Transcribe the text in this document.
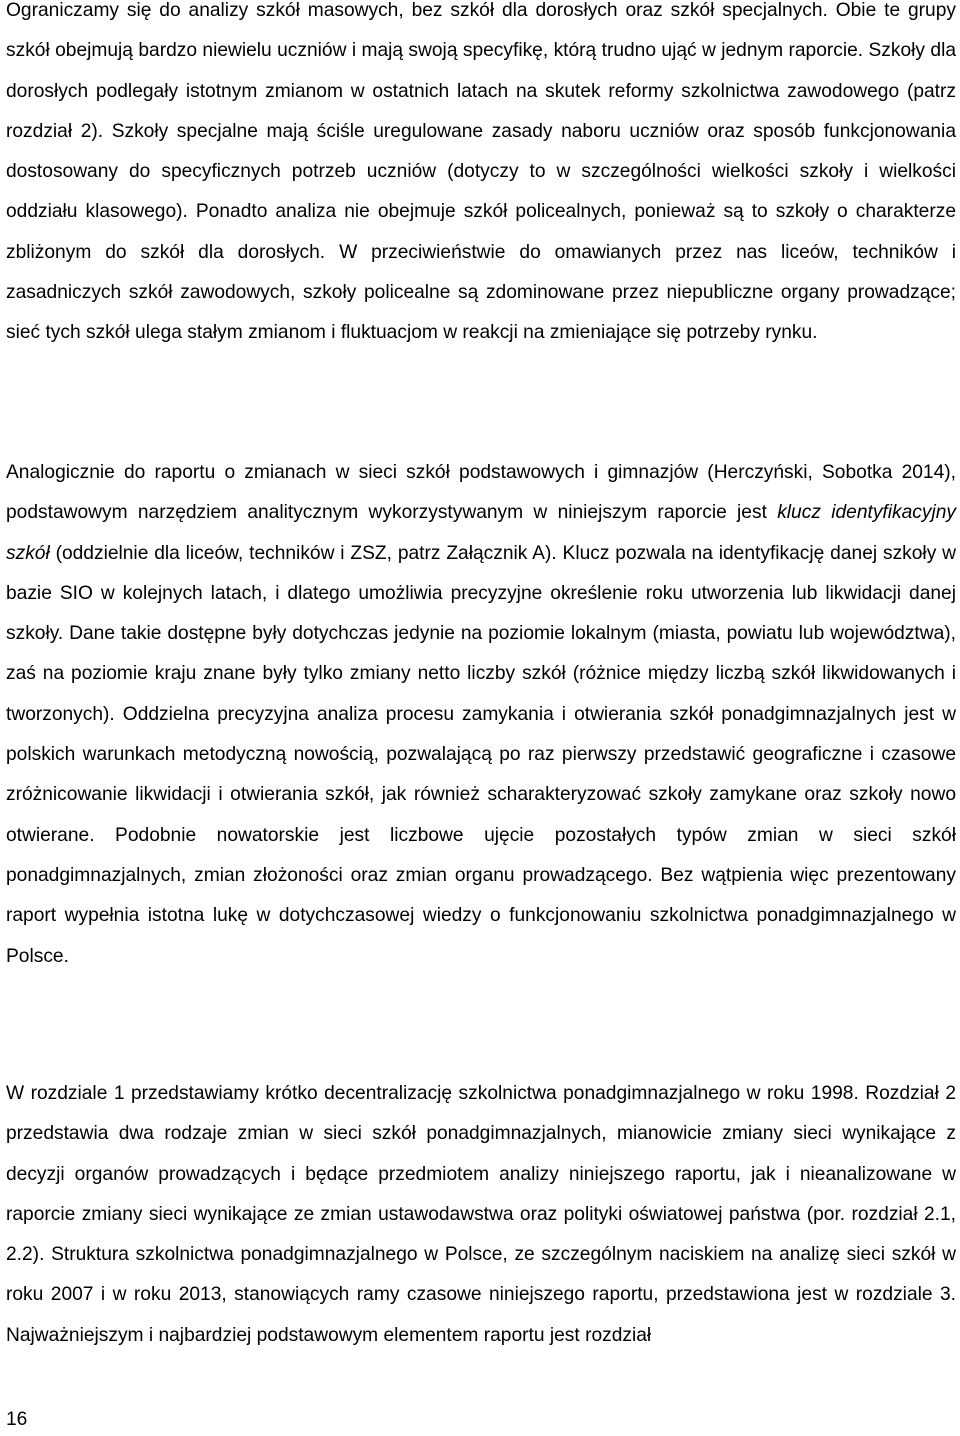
Ograniczamy się do analizy szkół masowych, bez szkół dla dorosłych oraz szkół specjalnych. Obie te grupy szkół obejmują bardzo niewielu uczniów i mają swoją specyfikę, którą trudno ująć w jednym raporcie. Szkoły dla dorosłych podlegały istotnym zmianom w ostatnich latach na skutek reformy szkolnictwa zawodowego (patrz rozdział 2). Szkoły specjalne mają ściśle uregulowane zasady naboru uczniów oraz sposób funkcjonowania dostosowany do specyficznych potrzeb uczniów (dotyczy to w szczególności wielkości szkoły i wielkości oddziału klasowego). Ponadto analiza nie obejmuje szkół policealnych, ponieważ są to szkoły o charakterze zbliżonym do szkół dla dorosłych. W przeciwieństwie do omawianych przez nas liceów, techników i zasadniczych szkół zawodowych, szkoły policealne są zdominowane przez niepubliczne organy prowadzące; sieć tych szkół ulega stałym zmianom i fluktuacjom w reakcji na zmieniające się potrzeby rynku.

Analogicznie do raportu o zmianach w sieci szkół podstawowych i gimnazjów (Herczyński, Sobotka 2014), podstawowym narzędziem analitycznym wykorzystywanym w niniejszym raporcie jest klucz identyfikacyjny szkół (oddzielnie dla liceów, techników i ZSZ, patrz Załącznik A). Klucz pozwala na identyfikację danej szkoły w bazie SIO w kolejnych latach, i dlatego umożliwia precyzyjne określenie roku utworzenia lub likwidacji danej szkoły. Dane takie dostępne były dotychczas jedynie na poziomie lokalnym (miasta, powiatu lub województwa), zaś na poziomie kraju znane były tylko zmiany netto liczby szkół (różnice między liczbą szkół likwidowanych i tworzonych). Oddzielna precyzyjna analiza procesu zamykania i otwierania szkół ponadgimnazjalnych jest w polskich warunkach metodyczną nowością, pozwalającą po raz pierwszy przedstawić geograficzne i czasowe zróżnicowanie likwidacji i otwierania szkół, jak również scharakteryzować szkoły zamykane oraz szkoły nowo otwierane. Podobnie nowatorskie jest liczbowe ujęcie pozostałych typów zmian w sieci szkół ponadgimnazjalnych, zmian złożoności oraz zmian organu prowadzącego. Bez wątpienia więc prezentowany raport wypełnia istotna lukę w dotychczasowej wiedzy o funkcjonowaniu szkolnictwa ponadgimnazjalnego w Polsce.

W rozdziale 1 przedstawiamy krótko decentralizację szkolnictwa ponadgimnazjalnego w roku 1998. Rozdział 2 przedstawia dwa rodzaje zmian w sieci szkół ponadgimnazjalnych, mianowicie zmiany sieci wynikające z decyzji organów prowadzących i będące przedmiotem analizy niniejszego raportu, jak i nieanalizowane w raporcie zmiany sieci wynikające ze zmian ustawodawstwa oraz polityki oświatowej państwa (por. rozdział 2.1, 2.2). Struktura szkolnictwa ponadgimnazjalnego w Polsce, ze szczególnym naciskiem na analizę sieci szkół w roku 2007 i w roku 2013, stanowiących ramy czasowe niniejszego raportu, przedstawiona jest w rozdziale 3. Najważniejszym i najbardziej podstawowym elementem raportu jest rozdział

16
